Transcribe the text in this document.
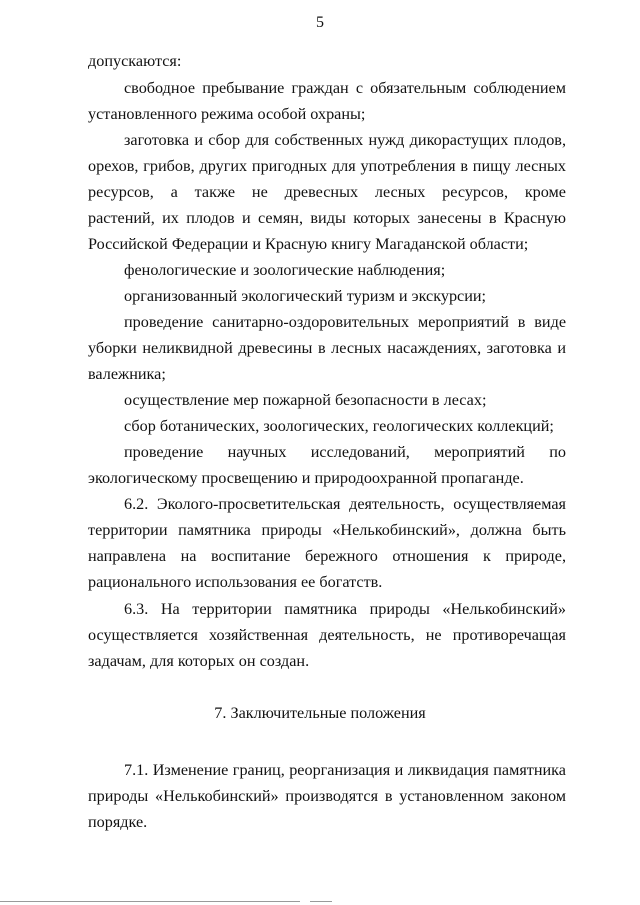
5
допускаются:
свободное пребывание граждан с обязательным соблюдением
установленного режима особой охраны;
заготовка и сбор для собственных нужд дикорастущих плодов,
орехов, грибов, других пригодных для употребления в пищу лесных
ресурсов, а также не древесных лесных ресурсов, кроме
растений, их плодов и семян, виды которых занесены в Красную
Российской Федерации и Красную книгу Магаданской области;
фенологические и зоологические наблюдения;
организованный экологический туризм и экскурсии;
проведение санитарно-оздоровительных мероприятий в виде
уборки неликвидной древесины в лесных насаждениях, заготовка и
валежника;
осуществление мер пожарной безопасности в лесах;
сбор ботанических, зоологических, геологических коллекций;
проведение научных исследований, мероприятий по
экологическому просвещению и природоохранной пропаганде.
6.2. Эколого-просветительская деятельность, осуществляемая
территории памятника природы «Нелькобинский», должна быть
направлена на воспитание бережного отношения к природе,
рационального использования ее богатств.
6.3. На территории памятника природы «Нелькобинский»
осуществляется хозяйственная деятельность, не противоречащая
задачам, для которых он создан.
7. Заключительные положения
7.1. Изменение границ, реорганизация и ликвидация памятника
природы «Нелькобинский» производятся в установленном законом
порядке.
